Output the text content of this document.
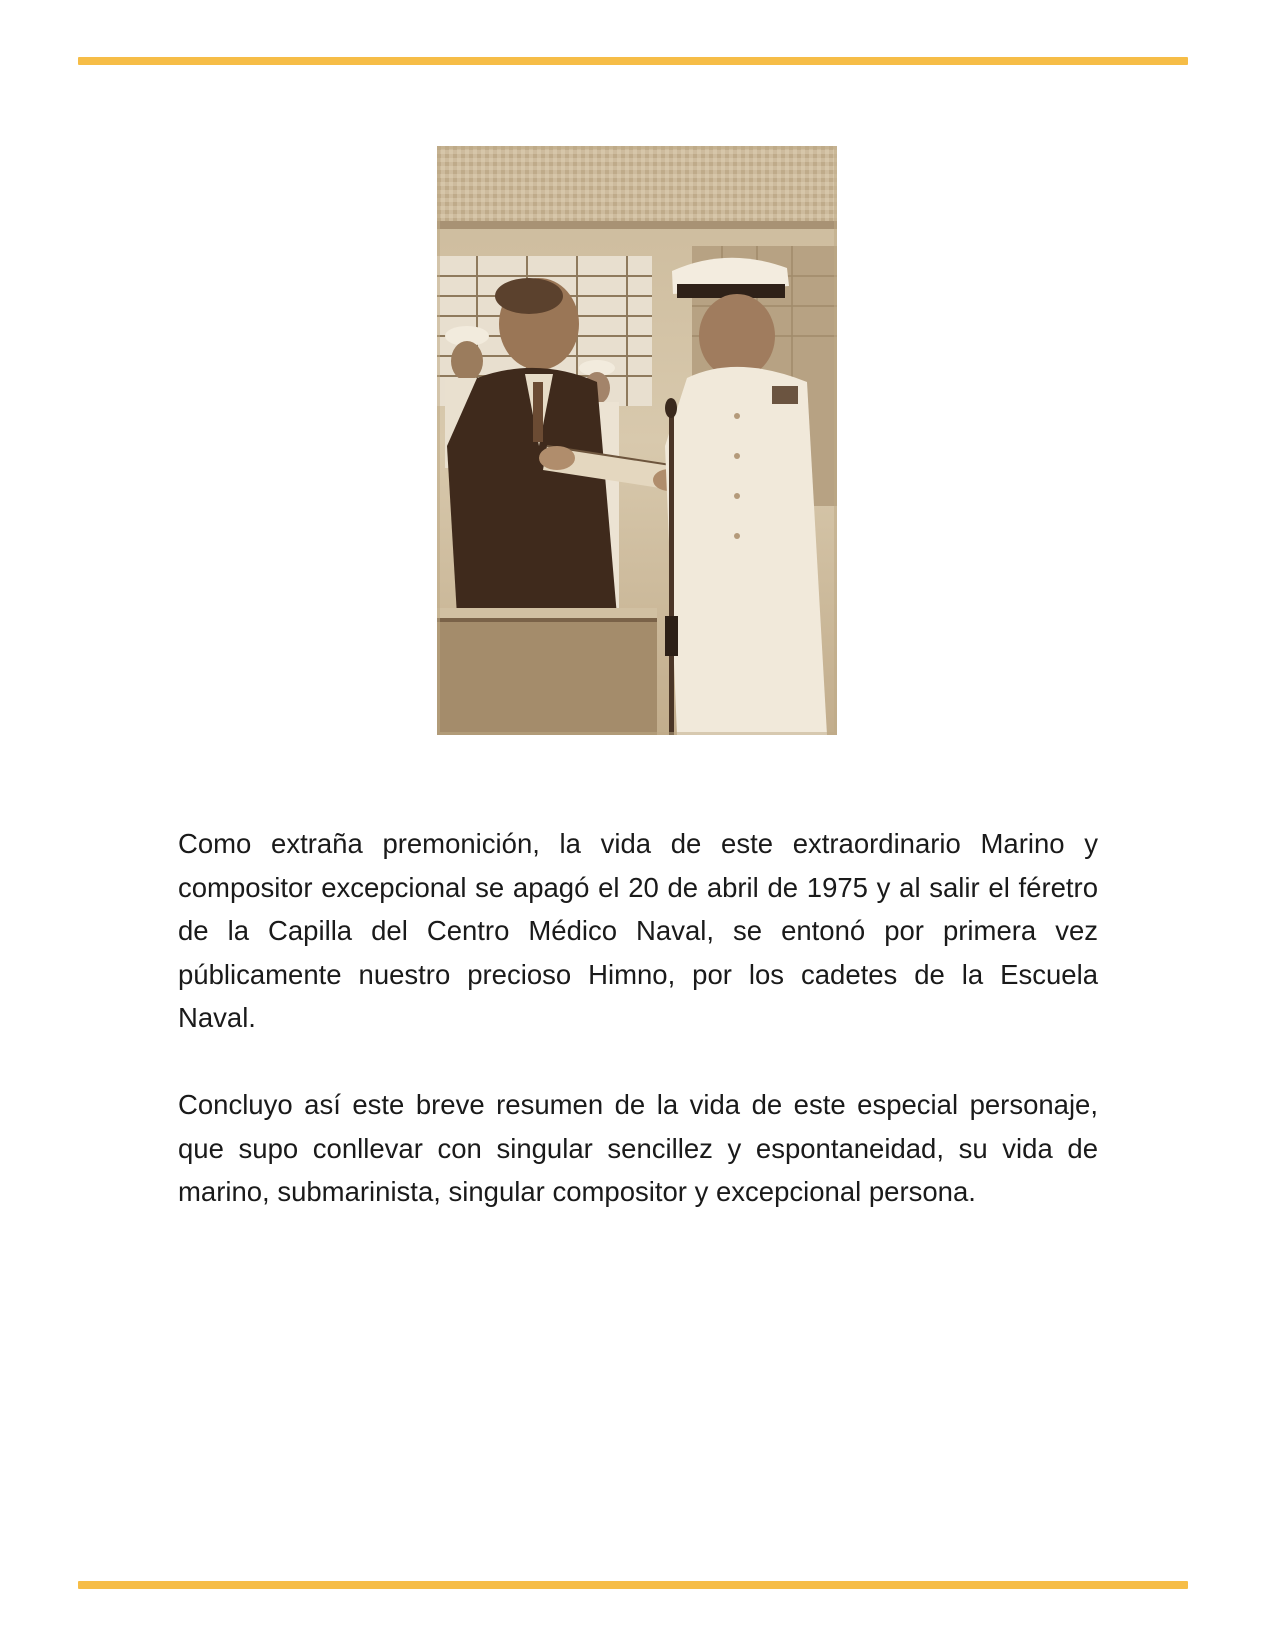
Como extraña premonición, la vida de este extraordinario Marino y compositor excepcional se apagó el 20 de abril de 1975 y al salir el féretro de la Capilla del Centro Médico Naval, se entonó por primera vez públicamente nuestro precioso Himno, por los cadetes de la Escuela Naval.

Concluyo así este breve resumen de la vida de este especial personaje, que supo conllevar con singular sencillez y espontaneidad, su vida de marino, submarinista, singular compositor y excepcional persona.
